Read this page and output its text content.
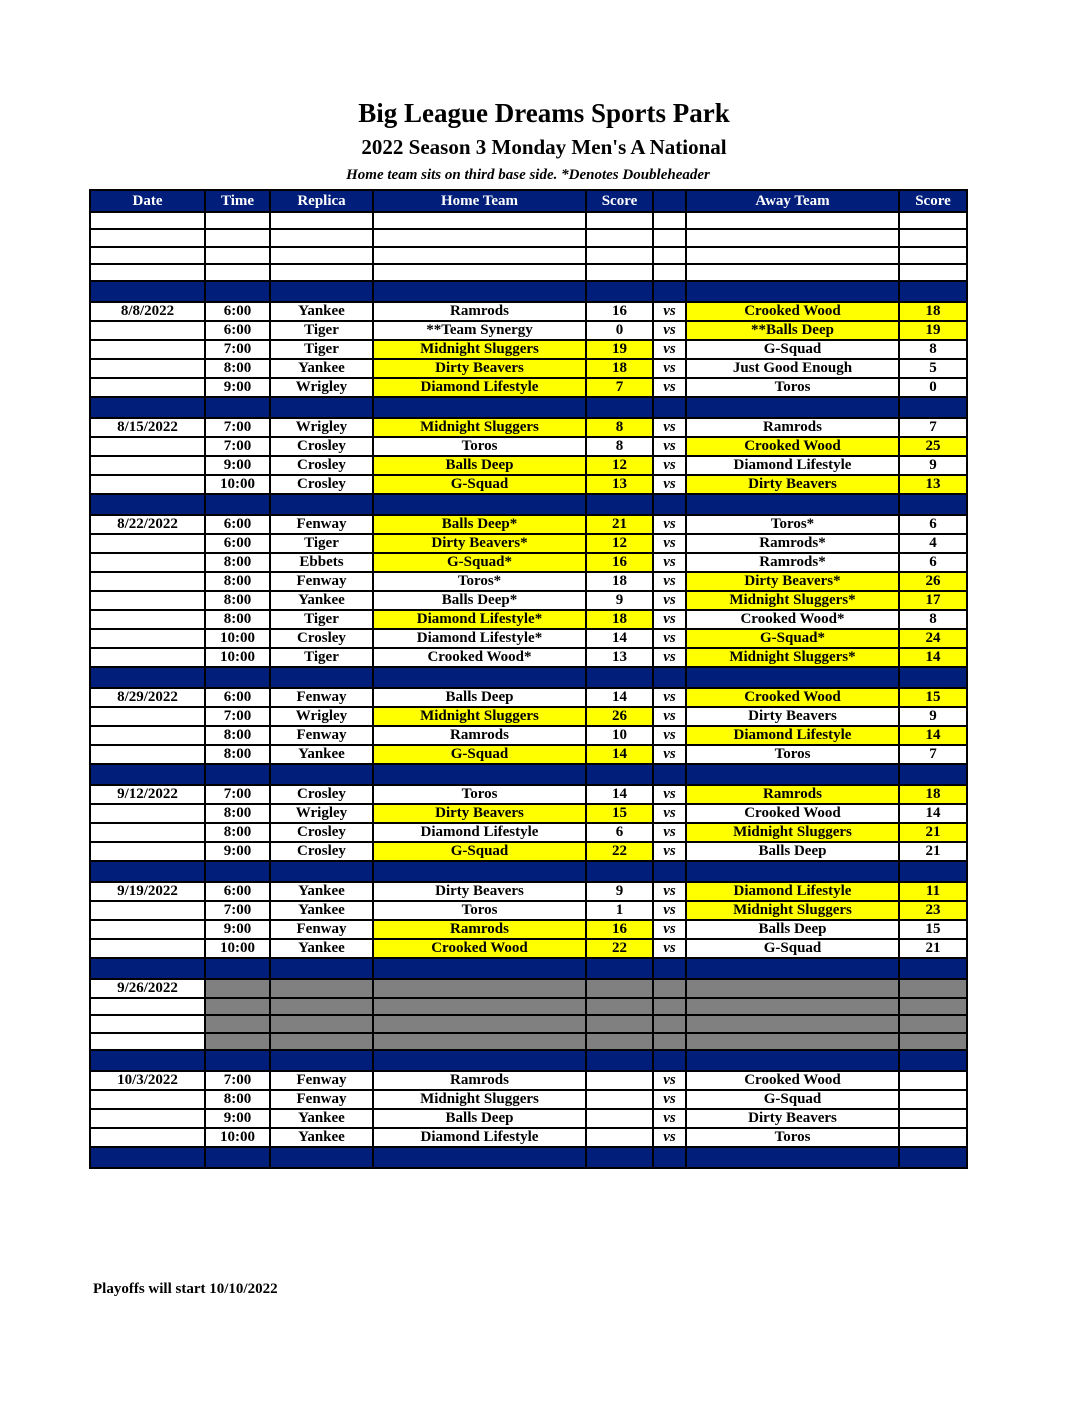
Big League Dreams Sports Park
2022 Season 3 Monday Men's A National
Home team sits on third base side. *Denotes Doubleheader
Date	Time	Replica	Home Team	Score		Away Team	Score

8/8/2022	6:00	Yankee	Ramrods	16	vs	Crooked Wood	18
	6:00	Tiger	**Team Synergy	0	vs	**Balls Deep	19
	7:00	Tiger	Midnight Sluggers	19	vs	G-Squad	8
	8:00	Yankee	Dirty Beavers	18	vs	Just Good Enough	5
	9:00	Wrigley	Diamond Lifestyle	7	vs	Toros	0

8/15/2022	7:00	Wrigley	Midnight Sluggers	8	vs	Ramrods	7
	7:00	Crosley	Toros	8	vs	Crooked Wood	25
	9:00	Crosley	Balls Deep	12	vs	Diamond Lifestyle	9
	10:00	Crosley	G-Squad	13	vs	Dirty Beavers	13

8/22/2022	6:00	Fenway	Balls Deep*	21	vs	Toros*	6
	6:00	Tiger	Dirty Beavers*	12	vs	Ramrods*	4
	8:00	Ebbets	G-Squad*	16	vs	Ramrods*	6
	8:00	Fenway	Toros*	18	vs	Dirty Beavers*	26
	8:00	Yankee	Balls Deep*	9	vs	Midnight Sluggers*	17
	8:00	Tiger	Diamond Lifestyle*	18	vs	Crooked Wood*	8
	10:00	Crosley	Diamond Lifestyle*	14	vs	G-Squad*	24
	10:00	Tiger	Crooked Wood*	13	vs	Midnight Sluggers*	14

8/29/2022	6:00	Fenway	Balls Deep	14	vs	Crooked Wood	15
	7:00	Wrigley	Midnight Sluggers	26	vs	Dirty Beavers	9
	8:00	Fenway	Ramrods	10	vs	Diamond Lifestyle	14
	8:00	Yankee	G-Squad	14	vs	Toros	7

9/12/2022	7:00	Crosley	Toros	14	vs	Ramrods	18
	8:00	Wrigley	Dirty Beavers	15	vs	Crooked Wood	14
	8:00	Crosley	Diamond Lifestyle	6	vs	Midnight Sluggers	21
	9:00	Crosley	G-Squad	22	vs	Balls Deep	21

9/19/2022	6:00	Yankee	Dirty Beavers	9	vs	Diamond Lifestyle	11
	7:00	Yankee	Toros	1	vs	Midnight Sluggers	23
	9:00	Fenway	Ramrods	16	vs	Balls Deep	15
	10:00	Yankee	Crooked Wood	22	vs	G-Squad	21

9/26/2022							

10/3/2022	7:00	Fenway	Ramrods		vs	Crooked Wood	
	8:00	Fenway	Midnight Sluggers		vs	G-Squad	
	9:00	Yankee	Balls Deep		vs	Dirty Beavers	
	10:00	Yankee	Diamond Lifestyle		vs	Toros	

Playoffs will start 10/10/2022
